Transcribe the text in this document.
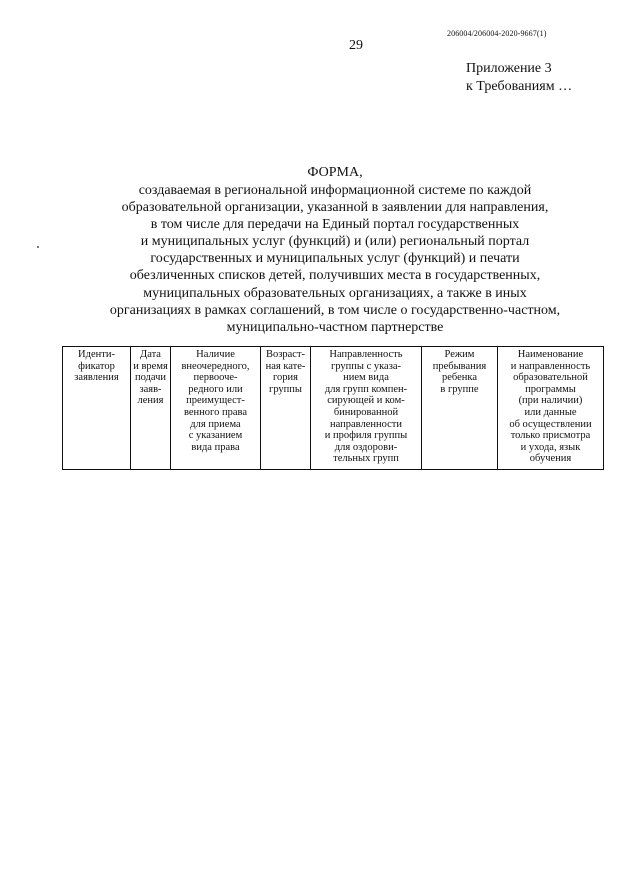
206004/206004-2020-9667(1)
29
Приложение 3
к Требованиям …
ФОРМА,
создаваемая в региональной информационной системе по каждой
образовательной организации, указанной в заявлении для направления,
в том числе для передачи на Единый портал государственных
и муниципальных услуг (функций) и (или) региональный портал
государственных и муниципальных услуг (функций) и печати
обезличенных списков детей, получивших места в государственных,
муниципальных образовательных организациях, а также в иных
организациях в рамках соглашений, в том числе о государственно-частном,
муниципально-частном партнерстве
Иденти-
фикатор
заявления

Дата
и время
подачи
заяв-
ления

Наличие
внеочередного,
первооче-
редного или
преимущест-
венного права
для приема
с указанием
вида права

Возраст-
ная кате-
гория
группы

Направленность
группы с указа-
нием вида
для групп компен-
сирующей и ком-
бинированной
направленности
и профиля группы
для оздорови-
тельных групп

Режим
пребывания
ребенка
в группе

Наименование
и направленность
образовательной
программы
(при наличии)
или данные
об осуществлении
только присмотра
и ухода, язык
обучения
